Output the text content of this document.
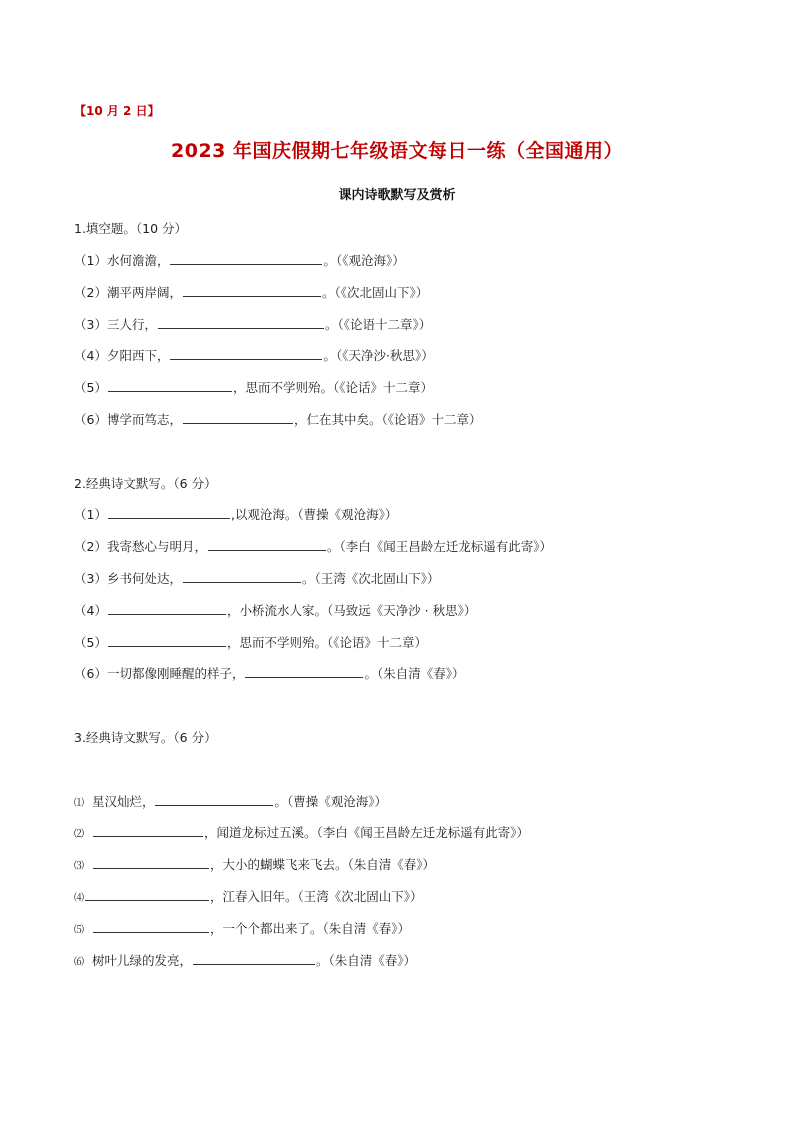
【10 月 2 日】
2023 年国庆假期七年级语文每日一练（全国通用）
课内诗歌默写及赏析
1.填空题。（10 分）
（1）水何澹澹，	。（《观沧海》）
（2）潮平两岸阔，	。（《次北固山下》）
（3）三人行，	。（《论语十二章》）
（4）夕阳西下，	。（《天净沙·秋思》）
（5）	，思而不学则殆。（《论话》十二章）
（6）博学而笃志，	，仁在其中矣。（《论语》十二章）
2.经典诗文默写。（6 分）
（1）	,以观沧海。（曹操《观沧海》）
（2）我寄愁心与明月，	。（李白《闻王昌龄左迁龙标遥有此寄》）
（3）乡书何处达，	。（王湾《次北固山下》）
（4）	，小桥流水人家。（马致远《天净沙 · 秋思》）
（5）	，思而不学则殆。（《论语》十二章）
（6）一切都像刚睡醒的样子，	。（朱自清《春》）
3.经典诗文默写。（6 分）
⑴ 星汉灿烂，	。（曹操《观沧海》）
⑵	，闻道龙标过五溪。（李白《闻王昌龄左迁龙标遥有此寄》）
⑶	，大小的蝴蝶飞来飞去。（朱自清《春》）
⑷	，江春入旧年。（王湾《次北固山下》）
⑸	，一个个都出来了。（朱自清《春》）
⑹ 树叶儿绿的发亮，	。（朱自清《春》）
